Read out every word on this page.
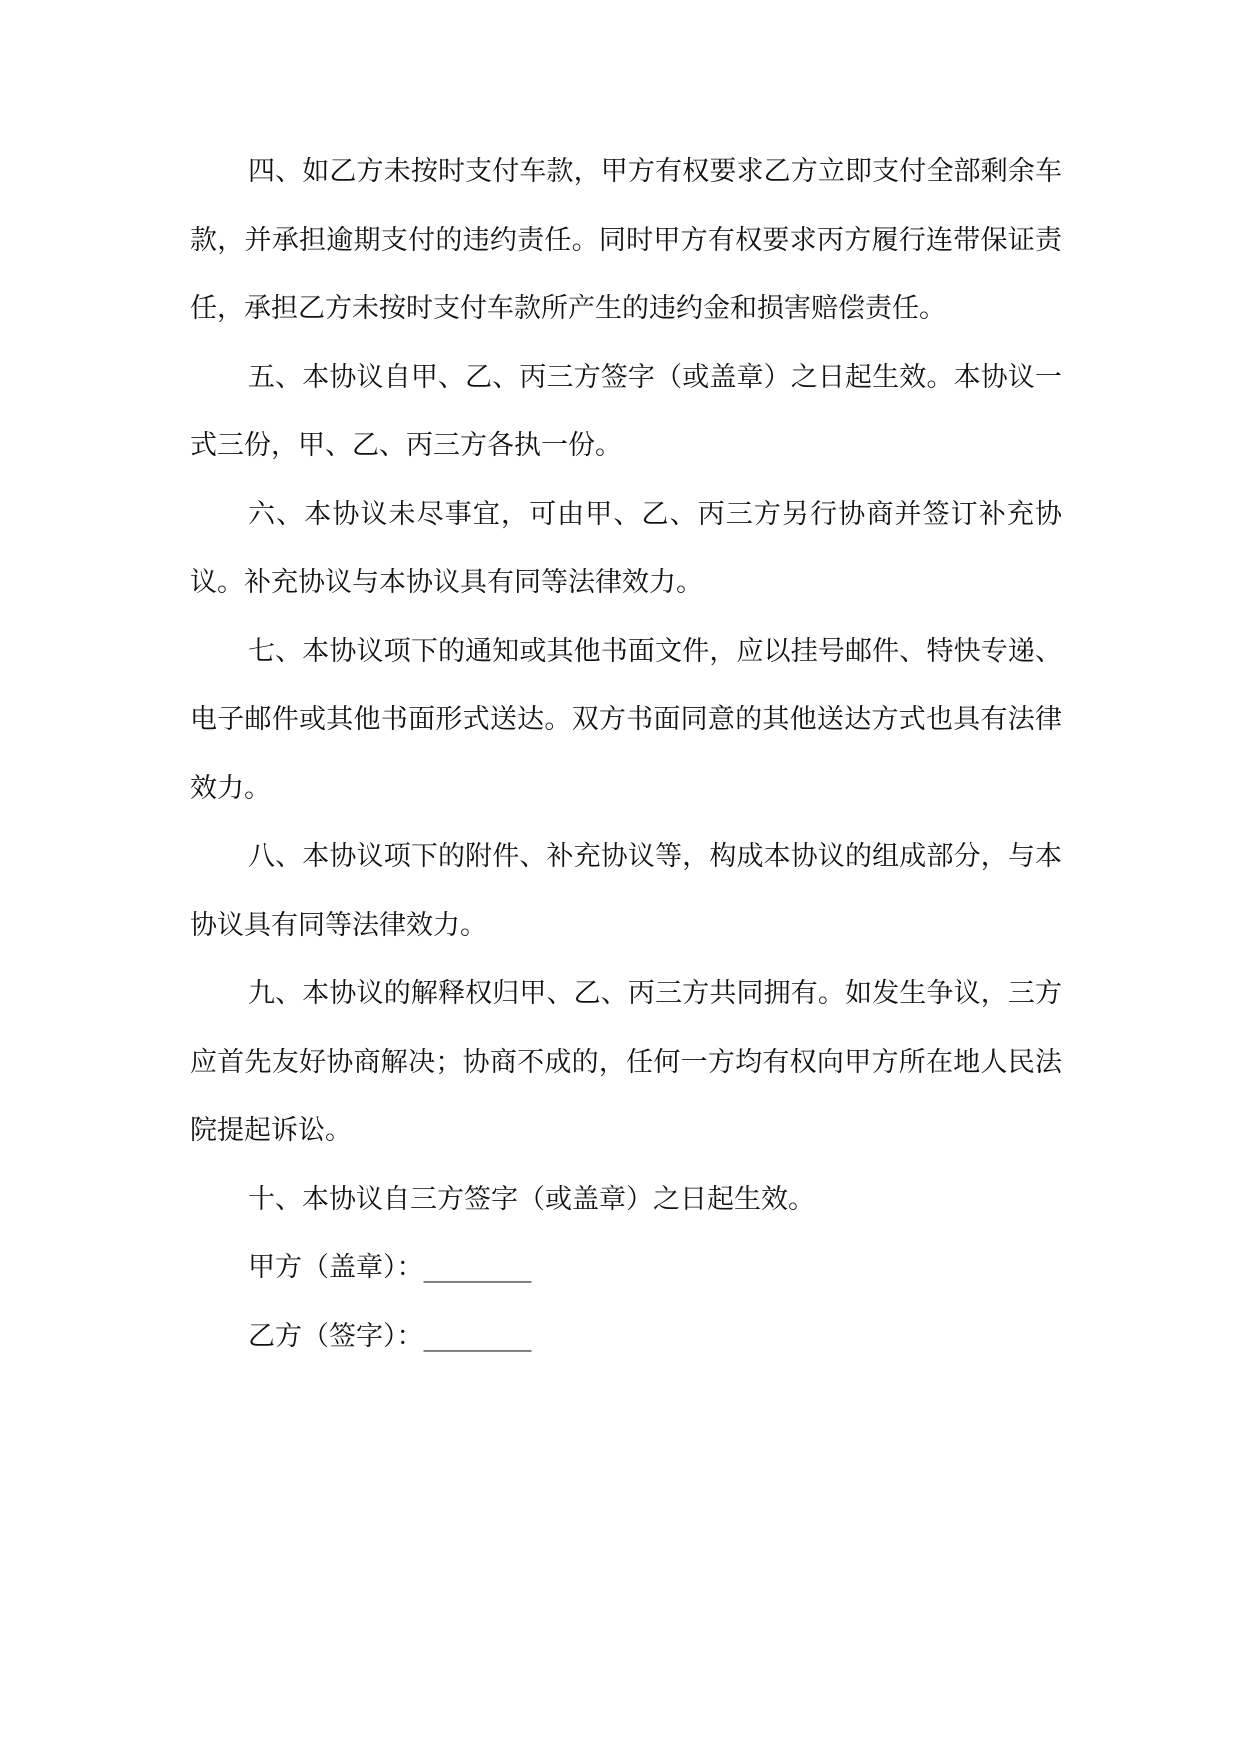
四、如乙方未按时支付车款，甲方有权要求乙方立即支付全部剩余车款，并承担逾期支付的违约责任。同时甲方有权要求丙方履行连带保证责任，承担乙方未按时支付车款所产生的违约金和损害赔偿责任。

五、本协议自甲、乙、丙三方签字（或盖章）之日起生效。本协议一式三份，甲、乙、丙三方各执一份。

六、本协议未尽事宜，可由甲、乙、丙三方另行协商并签订补充协议。补充协议与本协议具有同等法律效力。

七、本协议项下的通知或其他书面文件，应以挂号邮件、特快专递、电子邮件或其他书面形式送达。双方书面同意的其他送达方式也具有法律效力。

八、本协议项下的附件、补充协议等，构成本协议的组成部分，与本协议具有同等法律效力。

九、本协议的解释权归甲、乙、丙三方共同拥有。如发生争议，三方应首先友好协商解决；协商不成的，任何一方均有权向甲方所在地人民法院提起诉讼。

十、本协议自三方签字（或盖章）之日起生效。

甲方（盖章）：________

乙方（签字）：________
